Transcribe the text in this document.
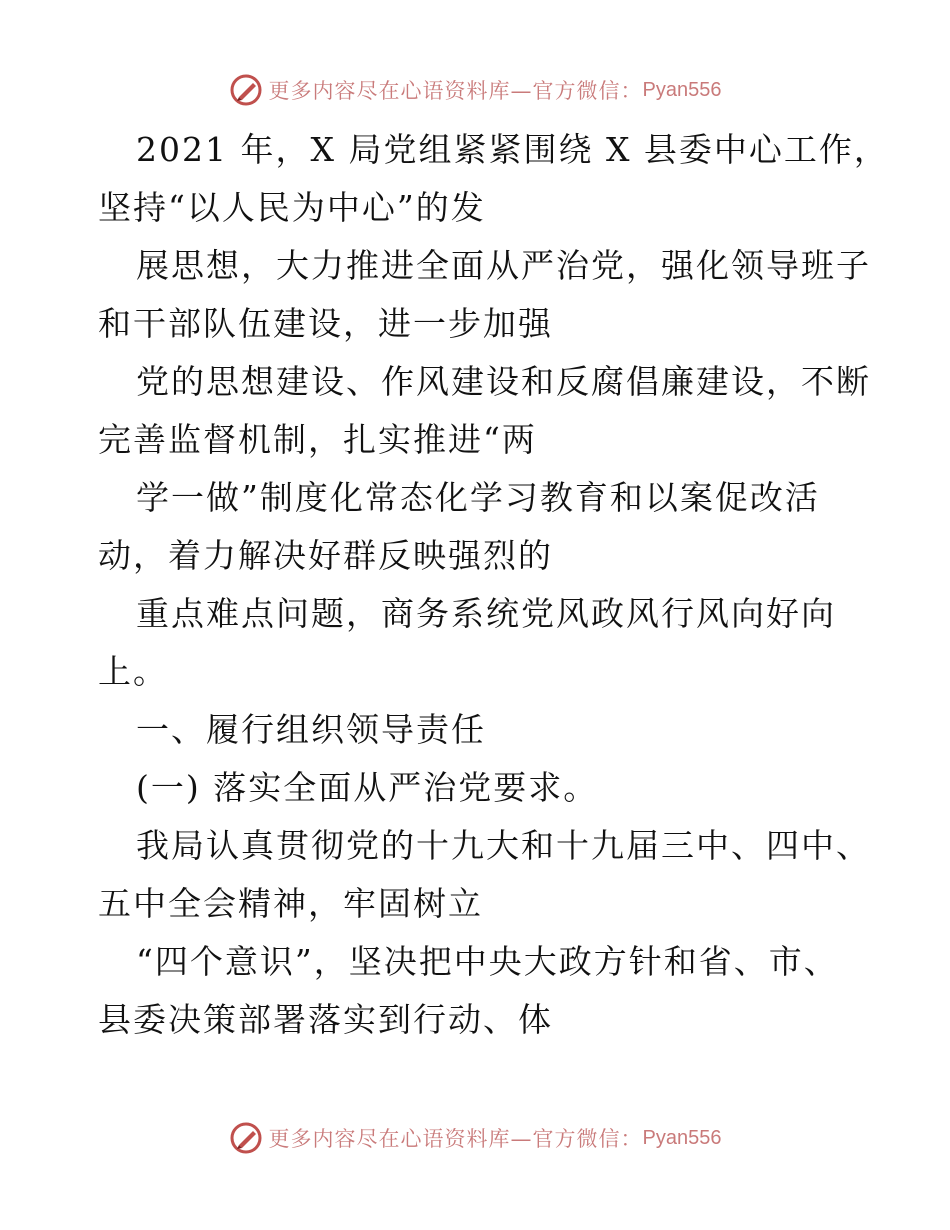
更多内容尽在心语资料库—官方微信： Pyan556
2021 年，X 局党组紧紧围绕 X 县委中心工作，
坚持“以人民为中心”的发
展思想，大力推进全面从严治党，强化领导班子
和干部队伍建设，进一步加强
党的思想建设、作风建设和反腐倡廉建设，不断
完善监督机制，扎实推进“两
学一做”制度化常态化学习教育和以案促改活
动，着力解决好群反映强烈的
重点难点问题，商务系统党风政风行风向好向
上。
一、履行组织领导责任
(一) 落实全面从严治党要求。
我局认真贯彻党的十九大和十九届三中、四中、
五中全会精神，牢固树立
“四个意识”，坚决把中央大政方针和省、市、
县委决策部署落实到行动、体
更多内容尽在心语资料库—官方微信： Pyan556
